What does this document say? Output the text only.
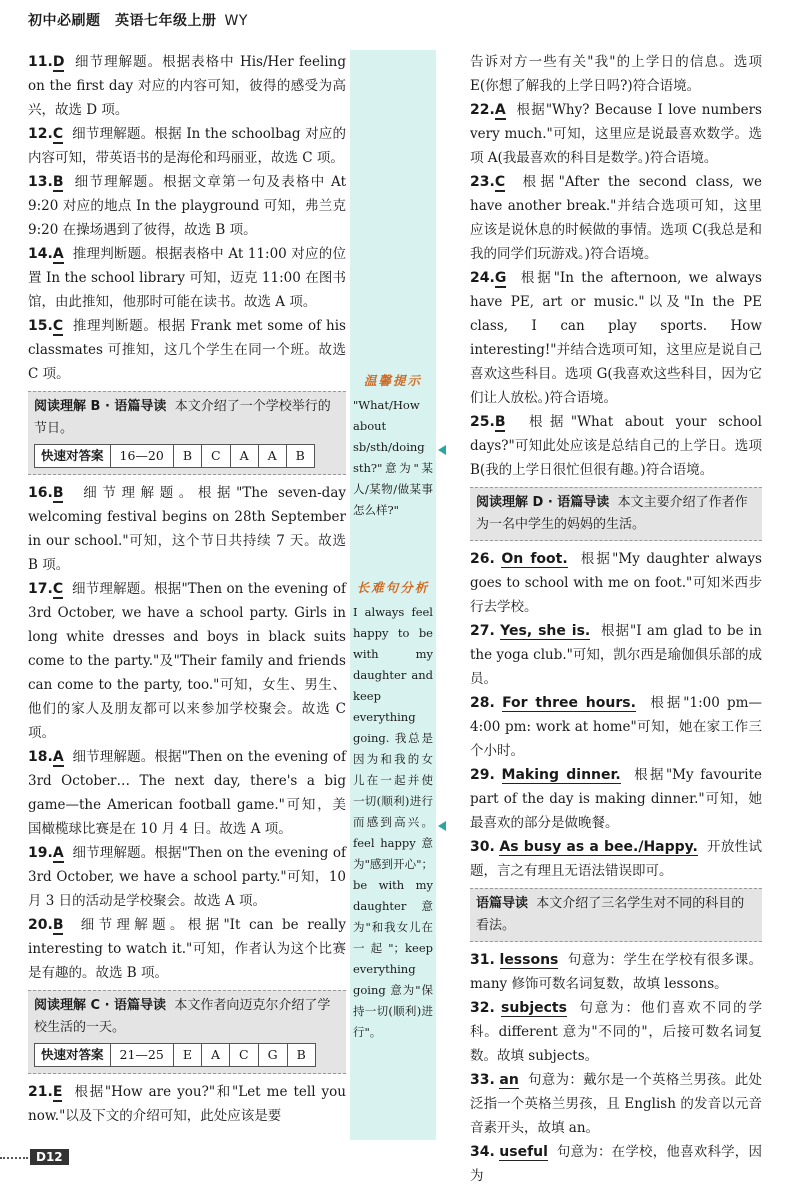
初中必刷题　英语七年级上册 WY
11.D 细节理解题。根据表格中 His/Her feeling on the first day 对应的内容可知，彼得的感受为高兴，故选 D 项。
12.C 细节理解题。根据 In the schoolbag 对应的内容可知，带英语书的是海伦和玛丽亚，故选 C 项。
13.B 细节理解题。根据文章第一句及表格中 At 9:20 对应的地点 In the playground 可知，弗兰克 9:20 在操场遇到了彼得，故选 B 项。
14.A 推理判断题。根据表格中 At 11:00 对应的位置 In the school library 可知，迈克 11:00 在图书馆，由此推知，他那时可能在读书。故选 A 项。
15.C 推理判断题。根据 Frank met some of his classmates 可推知，这几个学生在同一个班。故选 C 项。
阅读理解 B · 语篇导读 本文介绍了一个学校举行的节日。
快速对答案	16—20	B	C	A	A	B
16.B 细节理解题。根据"The seven-day welcoming festival begins on 28th September in our school."可知，这个节日共持续 7 天。故选 B 项。
17.C 细节理解题。根据"Then on the evening of 3rd October, we have a school party. Girls in long white dresses and boys in black suits come to the party."及"Their family and friends can come to the party, too."可知，女生、男生、他们的家人及朋友都可以来参加学校聚会。故选 C 项。
18.A 细节理解题。根据"Then on the evening of 3rd October… The next day, there's a big game—the American football game."可知，美国橄榄球比赛是在 10 月 4 日。故选 A 项。
19.A 细节理解题。根据"Then on the evening of 3rd October, we have a school party."可知，10 月 3 日的活动是学校聚会。故选 A 项。
20.B 细节理解题。根据"It can be really interesting to watch it."可知，作者认为这个比赛是有趣的。故选 B 项。
阅读理解 C · 语篇导读 本文作者向迈克尔介绍了学校生活的一天。
快速对答案	21—25	E	A	C	G	B
21.E 根据"How are you?"和"Let me tell you now."以及下文的介绍可知，此处应该是要
温馨提示

"What/How about sb/sth/doing sth?"意为"某人/某物/做某事怎么样?"

长难句分析

I always feel happy to be with my daughter and keep everything going. 我总是因为和我的女儿在一起并使一切(顺利)进行而感到高兴。feel happy 意为"感到开心"；be with my daughter 意为"和我女儿在一起"；keep everything going 意为"保持一切(顺利)进行"。

告诉对方一些有关"我"的上学日的信息。选项 E(你想了解我的上学日吗?)符合语境。
22.A 根据"Why? Because I love numbers very much."可知，这里应是说最喜欢数学。选项 A(我最喜欢的科目是数学。)符合语境。
23.C 根据"After the second class, we have another break."并结合选项可知，这里应该是说休息的时候做的事情。选项 C(我总是和我的同学们玩游戏。)符合语境。
24.G 根据"In the afternoon, we always have PE, art or music."以及"In the PE class, I can play sports. How interesting!"并结合选项可知，这里应是说自己喜欢这些科目。选项 G(我喜欢这些科目，因为它们让人放松。)符合语境。
25.B 根据"What about your school days?"可知此处应该是总结自己的上学日。选项 B(我的上学日很忙但很有趣。)符合语境。
阅读理解 D · 语篇导读 本文主要介绍了作者作为一名中学生的妈妈的生活。
26. On foot. 根据"My daughter always goes to school with me on foot."可知米西步行去学校。
27. Yes, she is. 根据"I am glad to be in the yoga club."可知，凯尔西是瑜伽俱乐部的成员。
28. For three hours. 根据"1:00 pm—4:00 pm: work at home"可知，她在家工作三个小时。
29. Making dinner. 根据"My favourite part of the day is making dinner."可知，她最喜欢的部分是做晚餐。
30. As busy as a bee./Happy. 开放性试题，言之有理且无语法错误即可。
语篇导读 本文介绍了三名学生对不同的科目的看法。
31. lessons 句意为：学生在学校有很多课。many 修饰可数名词复数，故填 lessons。
32. subjects 句意为：他们喜欢不同的学科。different 意为"不同的"，后接可数名词复数。故填 subjects。
33. an 句意为：戴尔是一个英格兰男孩。此处泛指一个英格兰男孩，且 English 的发音以元音音素开头，故填 an。
34. useful 句意为：在学校，他喜欢科学，因为
D12
